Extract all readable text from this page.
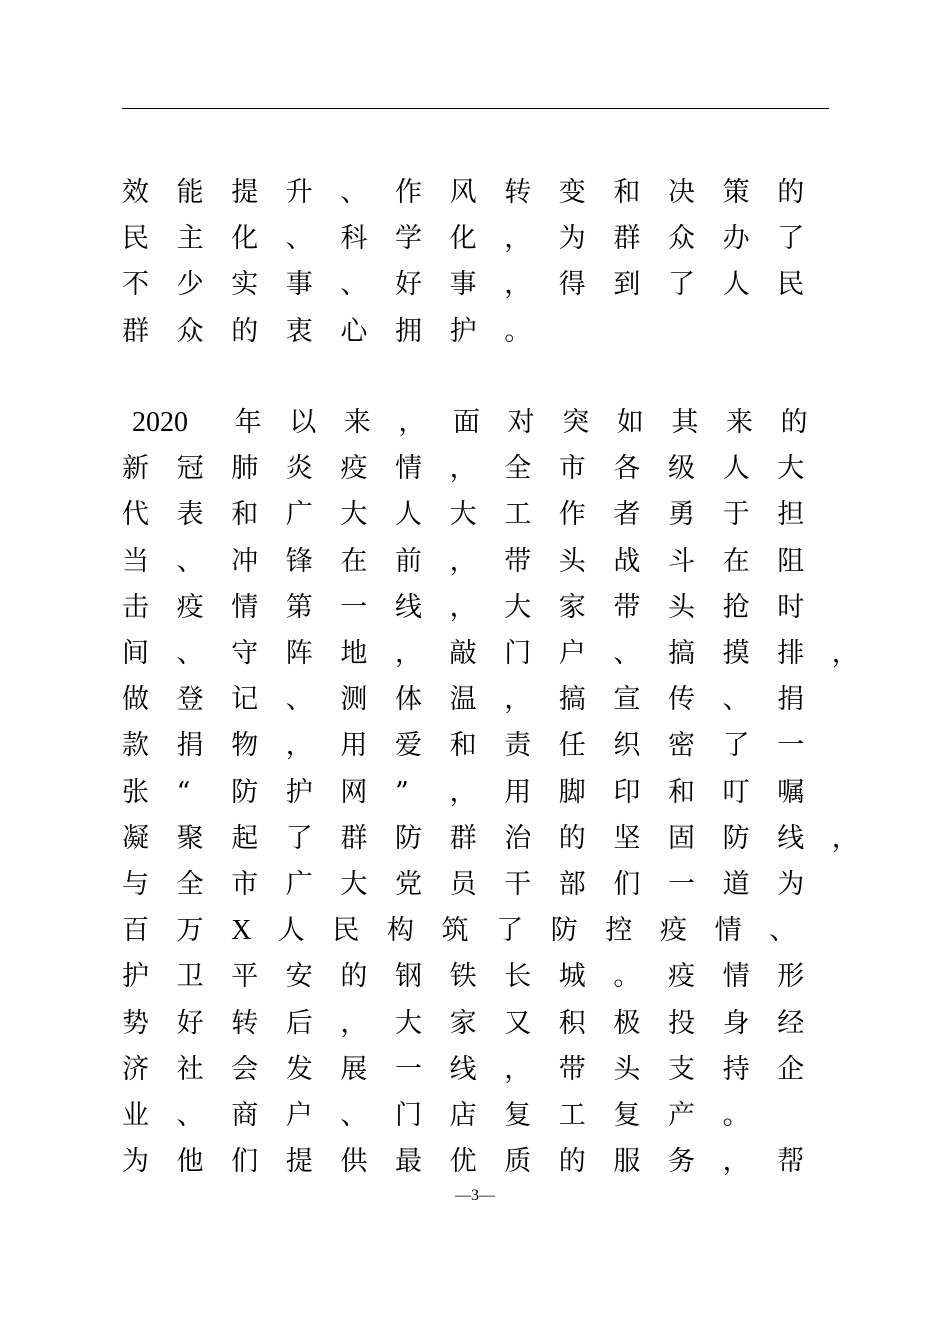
效 能 提 升 、 作 风 转 变 和 决 策 的
民 主 化 、 科 学 化 ， 为 群 众 办 了
不 少 实 事 、 好 事 ， 得 到 了 人 民
群 众 的 衷 心 拥 护 。
2020 年 以 来 ， 面 对 突 如 其 来 的
新 冠 肺 炎 疫 情 ， 全 市 各 级 人 大
代 表 和 广 大 人 大 工 作 者 勇 于 担
当 、 冲 锋 在 前 ， 带 头 战 斗 在 阻
击 疫 情 第 一 线 ， 大 家 带 头 抢 时
间 、 守 阵 地 ， 敲 门 户 、 搞 摸 排 ，
做 登 记 、 测 体 温 ， 搞 宣 传 、 捐
款 捐 物 ， 用 爱 和 责 任 织 密 了 一
张 “ 防 护 网 ” ， 用 脚 印 和 叮 嘱
凝 聚 起 了 群 防 群 治 的 坚 固 防 线 ，
与 全 市 广 大 党 员 干 部 们 一 道 为
百 万 X 人 民 构 筑 了 防 控 疫 情 、
护 卫 平 安 的 钢 铁 长 城 。 疫 情 形
势 好 转 后 ， 大 家 又 积 极 投 身 经
济 社 会 发 展 一 线 ， 带 头 支 持 企
业 、 商 户 、 门 店 复 工 复 产 。
为 他 们 提 供 最 优 质 的 服 务 ， 帮
—3—
